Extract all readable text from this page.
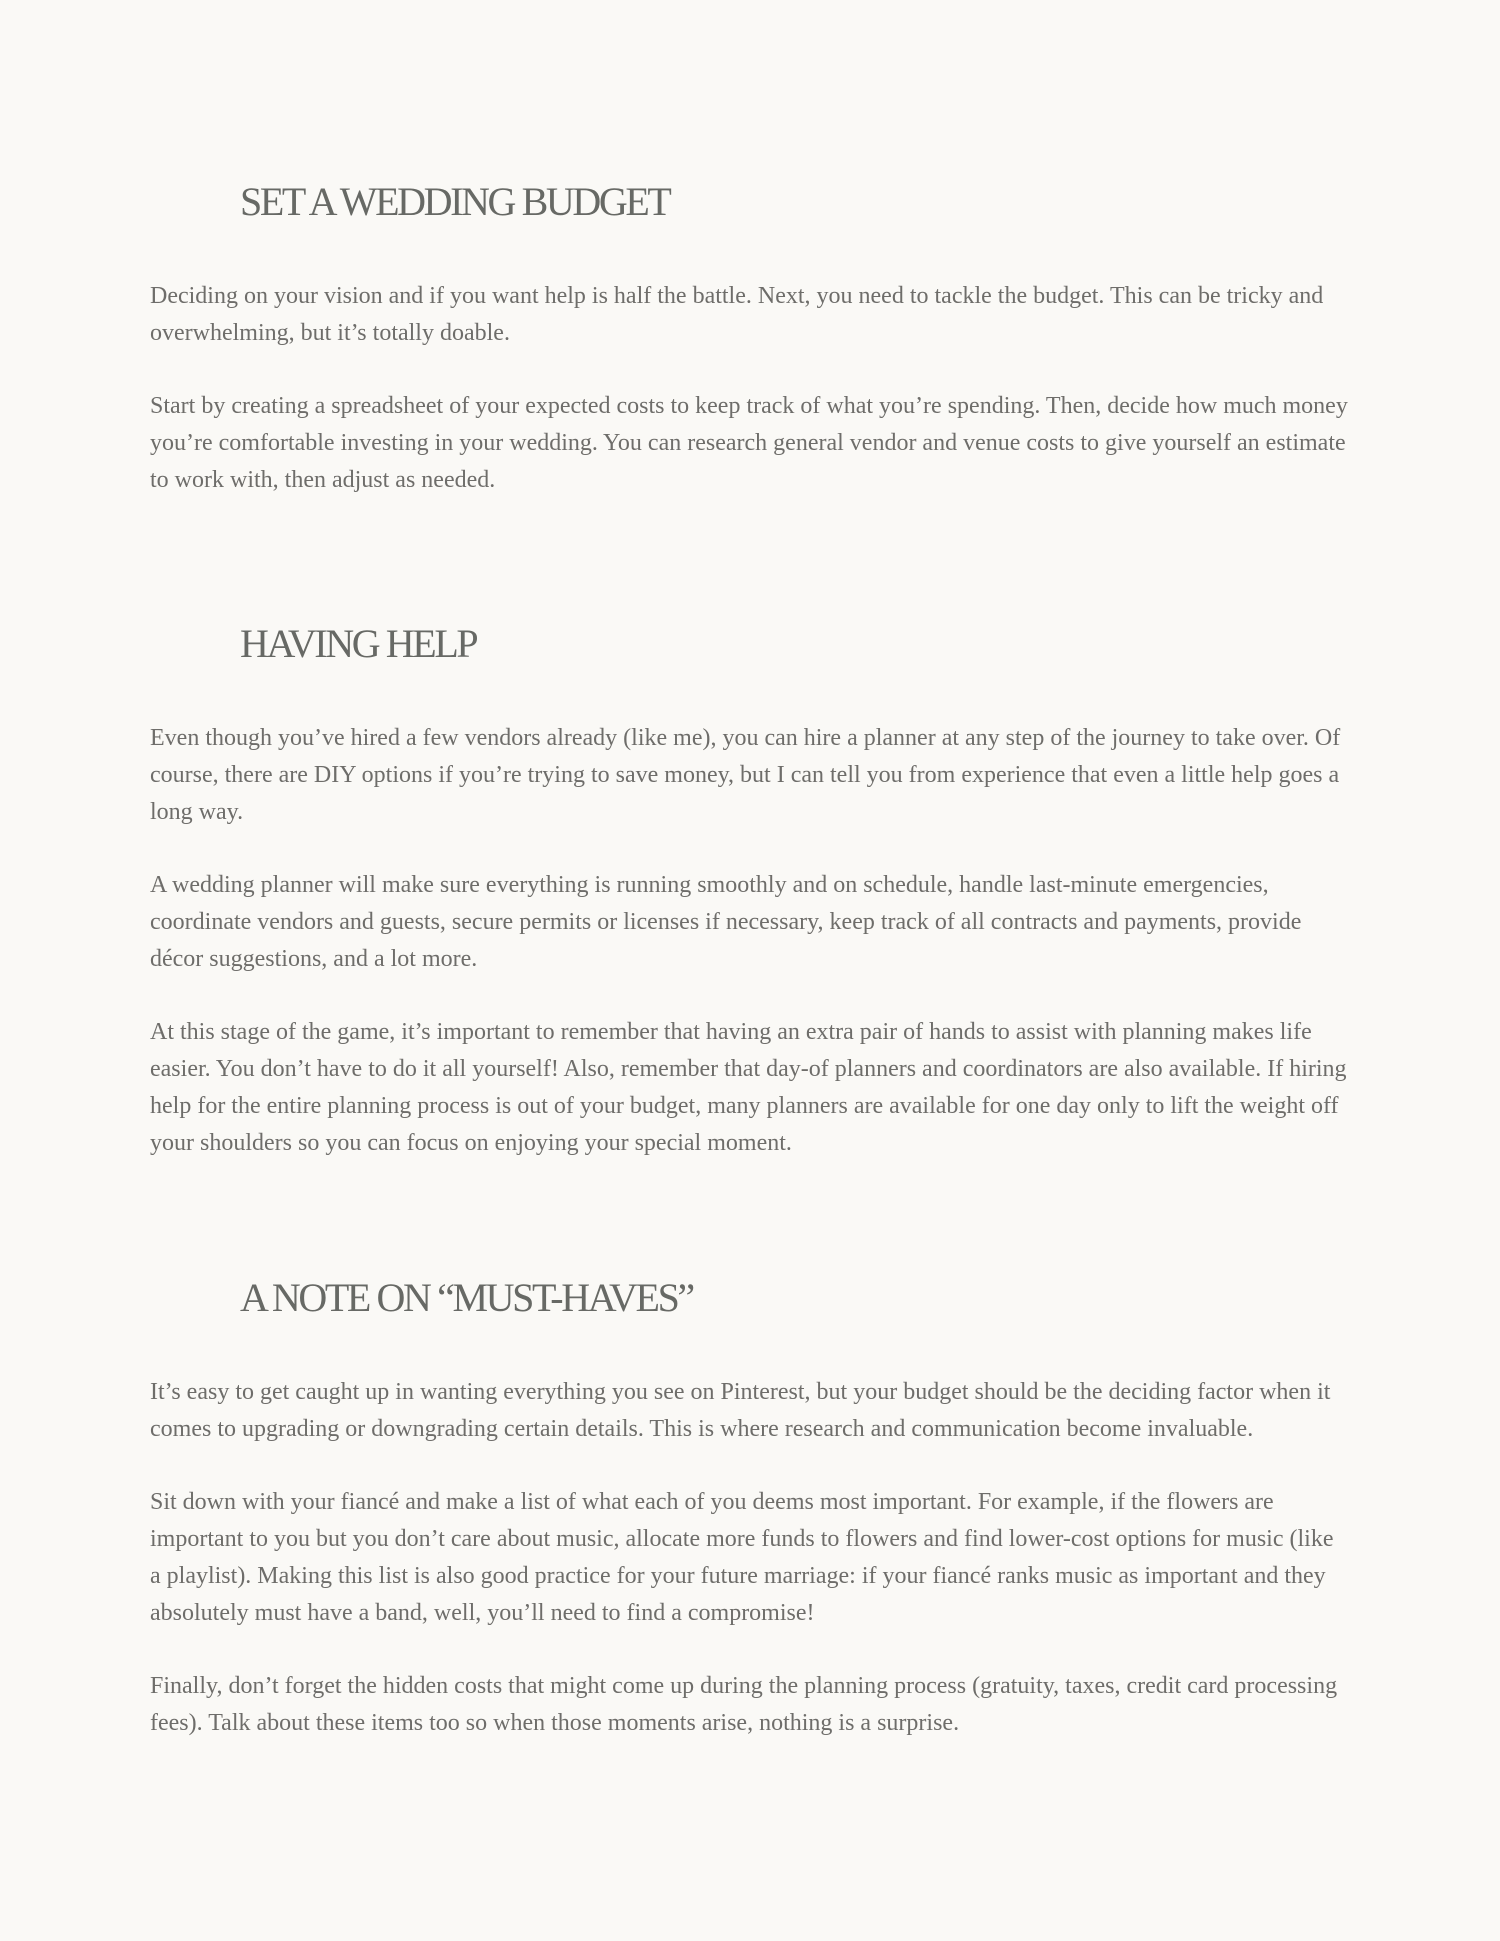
SET A WEDDING BUDGET

Deciding on your vision and if you want help is half the battle. Next, you need to tackle the budget. This can be tricky and overwhelming, but it’s totally doable.

Start by creating a spreadsheet of your expected costs to keep track of what you’re spending. Then, decide how much money you’re comfortable investing in your wedding. You can research general vendor and venue costs to give yourself an estimate to work with, then adjust as needed.

HAVING HELP

Even though you’ve hired a few vendors already (like me), you can hire a planner at any step of the journey to take over. Of course, there are DIY options if you’re trying to save money, but I can tell you from experience that even a little help goes a long way.

A wedding planner will make sure everything is running smoothly and on schedule, handle last-minute emergencies, coordinate vendors and guests, secure permits or licenses if necessary, keep track of all contracts and payments, provide décor suggestions, and a lot more.

At this stage of the game, it’s important to remember that having an extra pair of hands to assist with planning makes life easier. You don’t have to do it all yourself! Also, remember that day-of planners and coordinators are also available. If hiring help for the entire planning process is out of your budget, many planners are available for one day only to lift the weight off your shoulders so you can focus on enjoying your special moment.

A NOTE ON “MUST-HAVES”

It’s easy to get caught up in wanting everything you see on Pinterest, but your budget should be the deciding factor when it comes to upgrading or downgrading certain details. This is where research and communication become invaluable.

Sit down with your fiancé and make a list of what each of you deems most important. For example, if the flowers are important to you but you don’t care about music, allocate more funds to flowers and find lower-cost options for music (like a playlist). Making this list is also good practice for your future marriage: if your fiancé ranks music as important and they absolutely must have a band, well, you’ll need to find a compromise!

Finally, don’t forget the hidden costs that might come up during the planning process (gratuity, taxes, credit card processing fees). Talk about these items too so when those moments arise, nothing is a surprise.
